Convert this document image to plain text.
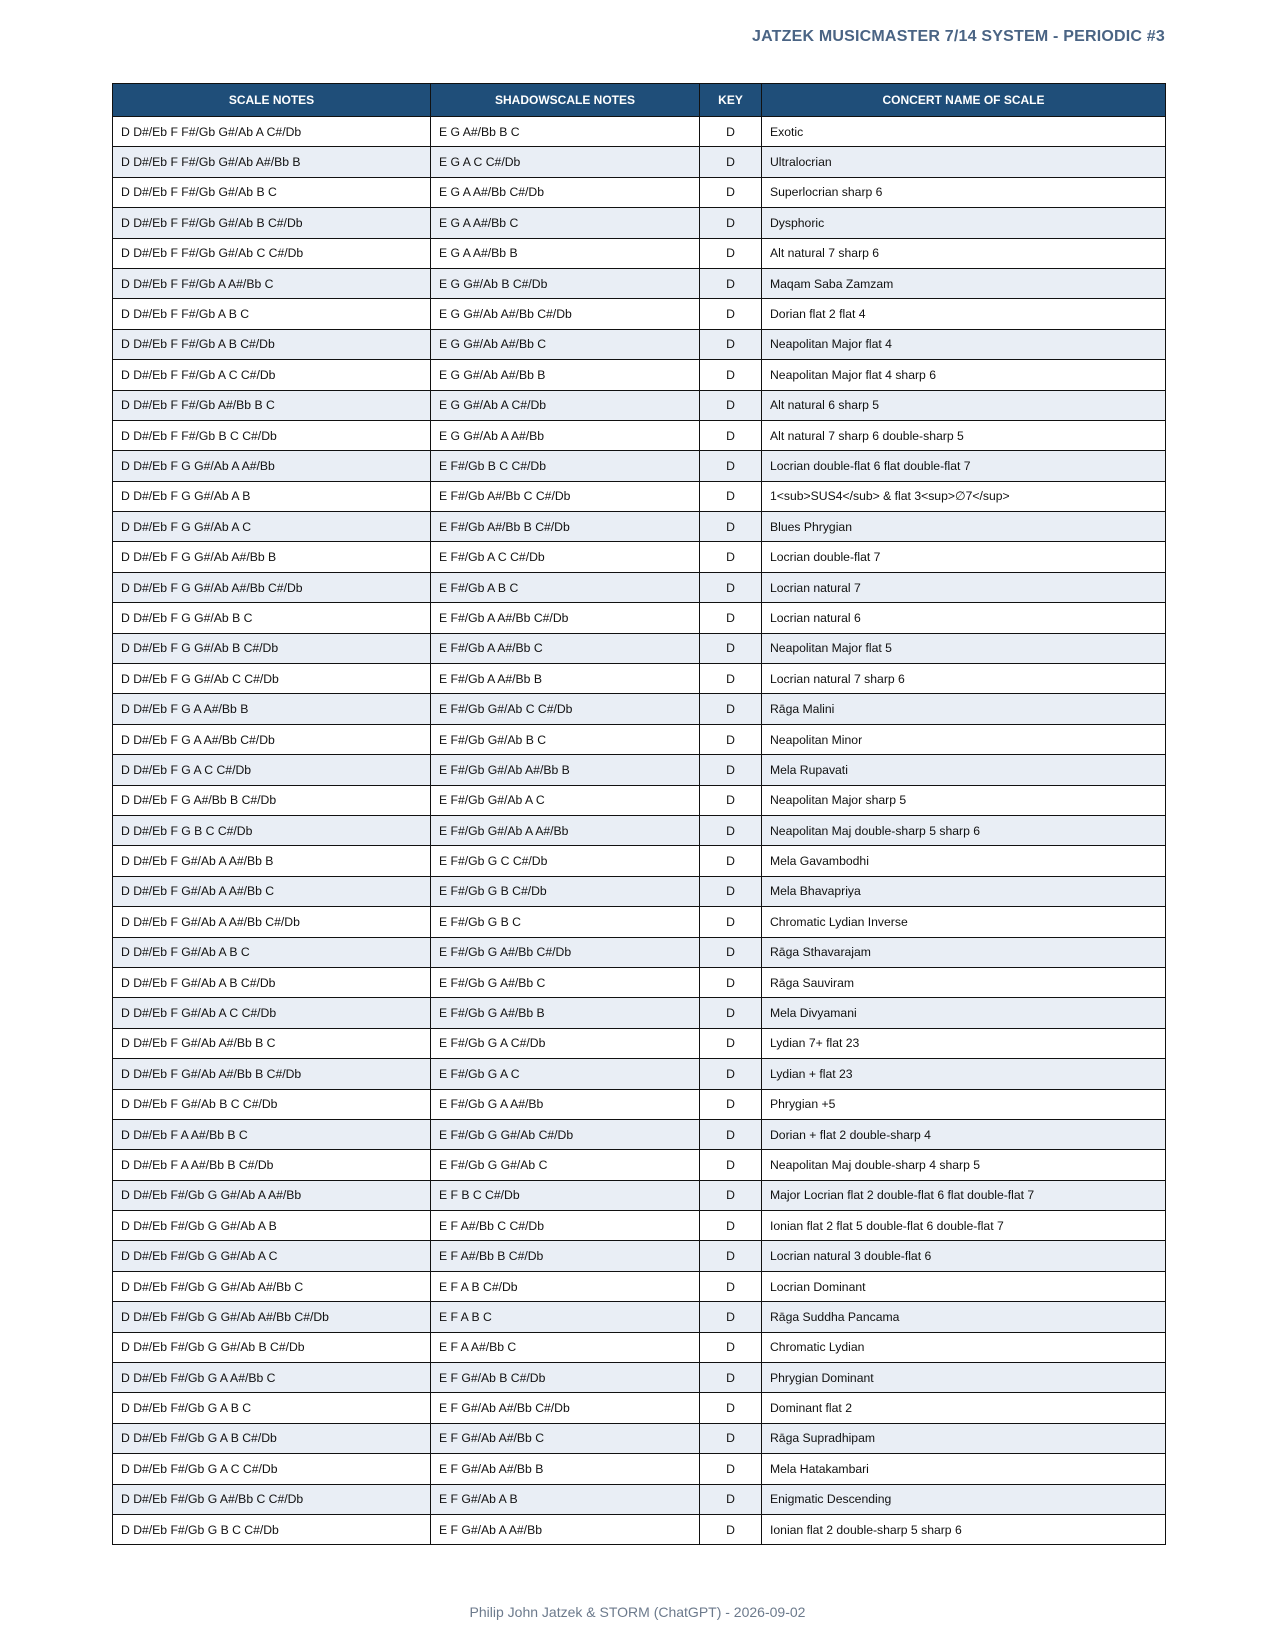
JATZEK MUSICMASTER 7/14 SYSTEM - PERIODIC #3
SCALE NOTES	SHADOWSCALE NOTES	KEY	CONCERT NAME OF SCALE
D D#/Eb F F#/Gb G#/Ab A C#/Db	E G A#/Bb B C	D	Exotic
D D#/Eb F F#/Gb G#/Ab A#/Bb B	E G A C C#/Db	D	Ultralocrian
D D#/Eb F F#/Gb G#/Ab B C	E G A A#/Bb C#/Db	D	Superlocrian sharp 6
D D#/Eb F F#/Gb G#/Ab B C#/Db	E G A A#/Bb C	D	Dysphoric
D D#/Eb F F#/Gb G#/Ab C C#/Db	E G A A#/Bb B	D	Alt natural 7 sharp 6
D D#/Eb F F#/Gb A A#/Bb C	E G G#/Ab B C#/Db	D	Maqam Saba Zamzam
D D#/Eb F F#/Gb A B C	E G G#/Ab A#/Bb C#/Db	D	Dorian flat 2 flat 4
D D#/Eb F F#/Gb A B C#/Db	E G G#/Ab A#/Bb C	D	Neapolitan Major flat 4
D D#/Eb F F#/Gb A C C#/Db	E G G#/Ab A#/Bb B	D	Neapolitan Major flat 4 sharp 6
D D#/Eb F F#/Gb A#/Bb B C	E G G#/Ab A C#/Db	D	Alt natural 6 sharp 5
D D#/Eb F F#/Gb B C C#/Db	E G G#/Ab A A#/Bb	D	Alt natural 7 sharp 6 double-sharp 5
D D#/Eb F G G#/Ab A A#/Bb	E F#/Gb B C C#/Db	D	Locrian double-flat 6 flat double-flat 7
D D#/Eb F G G#/Ab A B	E F#/Gb A#/Bb C C#/Db	D	1<sub>SUS4</sub> & flat 3<sup>∅7</sup>
D D#/Eb F G G#/Ab A C	E F#/Gb A#/Bb B C#/Db	D	Blues Phrygian
D D#/Eb F G G#/Ab A#/Bb B	E F#/Gb A C C#/Db	D	Locrian double-flat 7
D D#/Eb F G G#/Ab A#/Bb C#/Db	E F#/Gb A B C	D	Locrian natural 7
D D#/Eb F G G#/Ab B C	E F#/Gb A A#/Bb C#/Db	D	Locrian natural 6
D D#/Eb F G G#/Ab B C#/Db	E F#/Gb A A#/Bb C	D	Neapolitan Major flat 5
D D#/Eb F G G#/Ab C C#/Db	E F#/Gb A A#/Bb B	D	Locrian natural 7 sharp 6
D D#/Eb F G A A#/Bb B	E F#/Gb G#/Ab C C#/Db	D	Rāga Malini
D D#/Eb F G A A#/Bb C#/Db	E F#/Gb G#/Ab B C	D	Neapolitan Minor
D D#/Eb F G A C C#/Db	E F#/Gb G#/Ab A#/Bb B	D	Mela Rupavati
D D#/Eb F G A#/Bb B C#/Db	E F#/Gb G#/Ab A C	D	Neapolitan Major sharp 5
D D#/Eb F G B C C#/Db	E F#/Gb G#/Ab A A#/Bb	D	Neapolitan Maj double-sharp 5 sharp 6
D D#/Eb F G#/Ab A A#/Bb B	E F#/Gb G C C#/Db	D	Mela Gavambodhi
D D#/Eb F G#/Ab A A#/Bb C	E F#/Gb G B C#/Db	D	Mela Bhavapriya
D D#/Eb F G#/Ab A A#/Bb C#/Db	E F#/Gb G B C	D	Chromatic Lydian Inverse
D D#/Eb F G#/Ab A B C	E F#/Gb G A#/Bb C#/Db	D	Rāga Sthavarajam
D D#/Eb F G#/Ab A B C#/Db	E F#/Gb G A#/Bb C	D	Rāga Sauviram
D D#/Eb F G#/Ab A C C#/Db	E F#/Gb G A#/Bb B	D	Mela Divyamani
D D#/Eb F G#/Ab A#/Bb B C	E F#/Gb G A C#/Db	D	Lydian 7+ flat 23
D D#/Eb F G#/Ab A#/Bb B C#/Db	E F#/Gb G A C	D	Lydian + flat 23
D D#/Eb F G#/Ab B C C#/Db	E F#/Gb G A A#/Bb	D	Phrygian +5
D D#/Eb F A A#/Bb B C	E F#/Gb G G#/Ab C#/Db	D	Dorian + flat 2 double-sharp 4
D D#/Eb F A A#/Bb B C#/Db	E F#/Gb G G#/Ab C	D	Neapolitan Maj double-sharp 4 sharp 5
D D#/Eb F#/Gb G G#/Ab A A#/Bb	E F B C C#/Db	D	Major Locrian flat 2 double-flat 6 flat double-flat 7
D D#/Eb F#/Gb G G#/Ab A B	E F A#/Bb C C#/Db	D	Ionian flat 2 flat 5 double-flat 6 double-flat 7
D D#/Eb F#/Gb G G#/Ab A C	E F A#/Bb B C#/Db	D	Locrian natural 3 double-flat 6
D D#/Eb F#/Gb G G#/Ab A#/Bb C	E F A B C#/Db	D	Locrian Dominant
D D#/Eb F#/Gb G G#/Ab A#/Bb C#/Db	E F A B C	D	Rāga Suddha Pancama
D D#/Eb F#/Gb G G#/Ab B C#/Db	E F A A#/Bb C	D	Chromatic Lydian
D D#/Eb F#/Gb G A A#/Bb C	E F G#/Ab B C#/Db	D	Phrygian Dominant
D D#/Eb F#/Gb G A B C	E F G#/Ab A#/Bb C#/Db	D	Dominant flat 2
D D#/Eb F#/Gb G A B C#/Db	E F G#/Ab A#/Bb C	D	Rāga Supradhipam
D D#/Eb F#/Gb G A C C#/Db	E F G#/Ab A#/Bb B	D	Mela Hatakambari
D D#/Eb F#/Gb G A#/Bb C C#/Db	E F G#/Ab A B	D	Enigmatic Descending
D D#/Eb F#/Gb G B C C#/Db	E F G#/Ab A A#/Bb	D	Ionian flat 2 double-sharp 5 sharp 6
Philip John Jatzek & STORM (ChatGPT) - 2026-09-02
